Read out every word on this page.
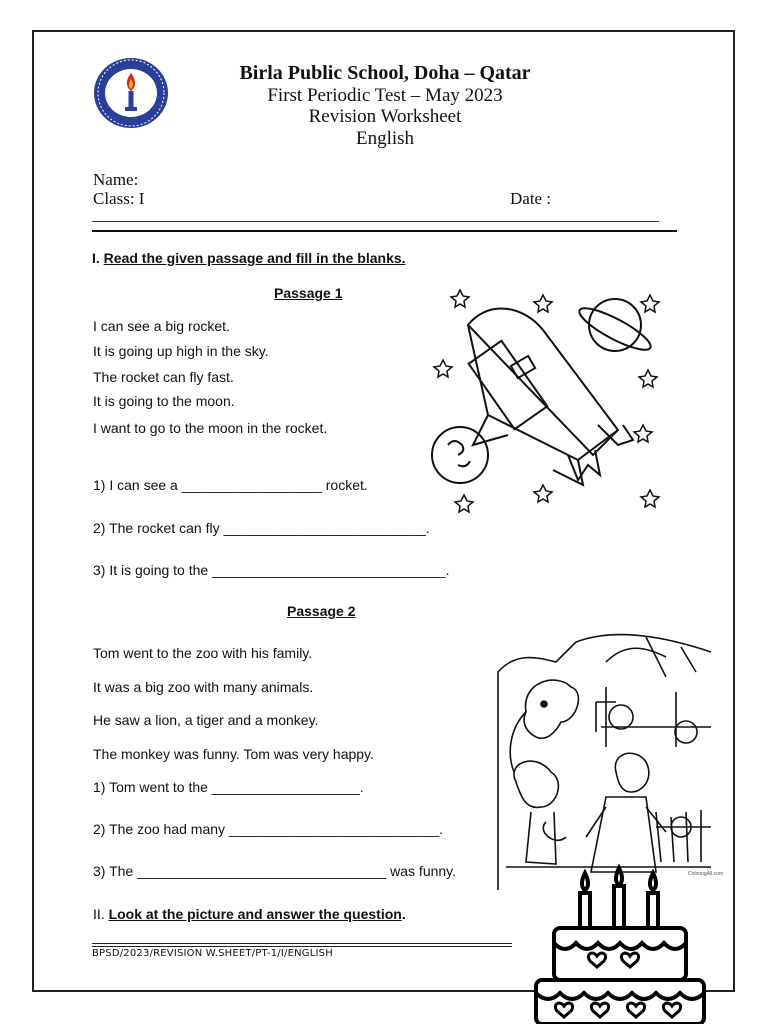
Birla Public School, Doha – Qatar
First Periodic Test – May 2023
Revision Worksheet
English
Name:
Class: I	Date :
I. Read the given passage and fill in the blanks.
Passage 1
I can see a big rocket.
It is going up high in the sky.
The rocket can fly fast.
It is going to the moon.
I want to go to the moon in the rocket.
1) I can see a __________________ rocket.
2) The rocket can fly __________________________.
3) It is going to the ______________________________.
Passage 2
Tom went to the zoo with his family.
It was a big zoo with many animals.
He saw a lion, a tiger and a monkey.
The monkey was funny. Tom was very happy.
1) Tom went to the ___________________.
2) The zoo had many ___________________________.
3) The ________________________________ was funny.	ColoringAll.com
II. Look at the picture and answer the question.
BPSD/2023/REVISION W.SHEET/PT-1/I/ENGLISH
